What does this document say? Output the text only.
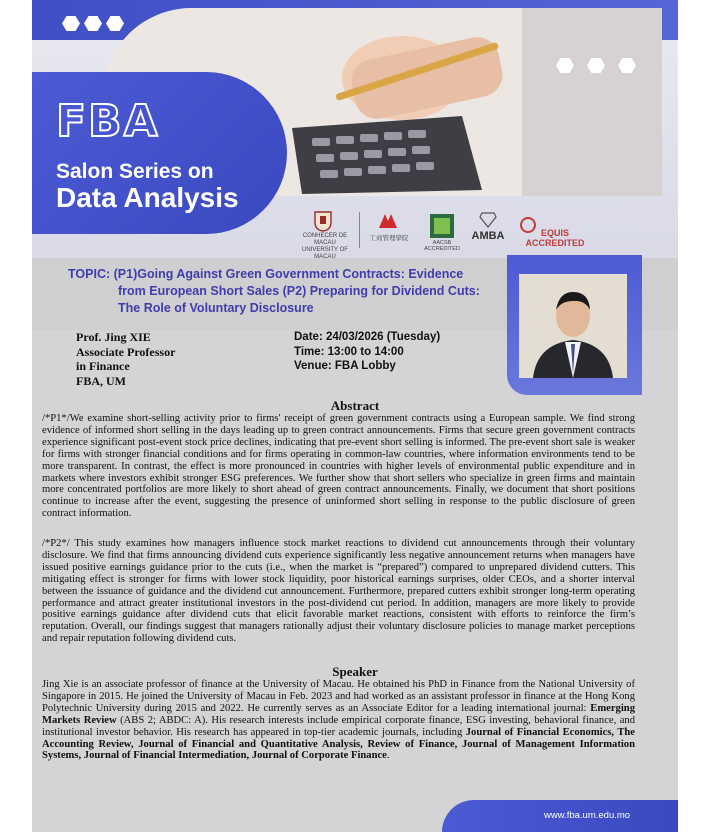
FBA
Salon Series on
Data Analysis
CONHECER DE MACAU UNIVERSITY OF MACAU
工商管理學院
AACSB ACCREDITED
AMBA	EQUIS ACCREDITED
TOPIC: (P1)Going Against Green Government Contracts: Evidence
from European Short Sales (P2) Preparing for Dividend Cuts:
The Role of Voluntary Disclosure
Prof. Jing XIE
Associate Professor
in Finance
FBA, UM
Date: 24/03/2026 (Tuesday)
Time: 13:00 to 14:00
Venue: FBA Lobby
Abstract

/*P1*/We examine short-selling activity prior to firms' receipt of green government contracts using a European sample. We find strong evidence of informed short selling in the days leading up to green contract announcements. Firms that secure green government contracts experience significant post-event stock price declines, indicating that pre-event short selling is informed. The pre-event short sale is weaker for firms with stronger financial conditions and for firms operating in common-law countries, where information environments tend to be more transparent. In contrast, the effect is more pronounced in countries with higher levels of environmental public expenditure and in markets where investors exhibit stronger ESG preferences. We further show that short sellers who specialize in green firms and maintain more concentrated portfolios are more likely to short ahead of green contract announcements. Finally, we document that short positions continue to increase after the event, suggesting the presence of uninformed short selling in response to the public disclosure of green contract information.

/*P2*/ This study examines how managers influence stock market reactions to dividend cut announcements through their voluntary disclosure. We find that firms announcing dividend cuts experience significantly less negative announcement returns when managers have issued positive earnings guidance prior to the cuts (i.e., when the market is “prepared”) compared to unprepared dividend cutters. This mitigating effect is stronger for firms with lower stock liquidity, poor historical earnings surprises, older CEOs, and a shorter interval between the issuance of guidance and the dividend cut announcement. Furthermore, prepared cutters exhibit stronger long-term operating performance and attract greater institutional investors in the post-dividend cut period. In addition, managers are more likely to provide positive earnings guidance after dividend cuts that elicit favorable market reactions, consistent with efforts to reinforce the firm’s reputation. Overall, our findings suggest that managers rationally adjust their voluntary disclosure policies to manage market perceptions and repair reputation following dividend cuts.

Speaker

Jing Xie is an associate professor of finance at the University of Macau. He obtained his PhD in Finance from the National University of Singapore in 2015. He joined the University of Macau in Feb. 2023 and had worked as an assistant professor in finance at the Hong Kong Polytechnic University during 2015 and 2022. He currently serves as an Associate Editor for a leading international journal: Emerging Markets Review (ABS 2; ABDC: A). His research interests include empirical corporate finance, ESG investing, behavioral finance, and institutional investor behavior. His research has appeared in top-tier academic journals, including Journal of Financial Economics, The Accounting Review, Journal of Financial and Quantitative Analysis, Review of Finance, Journal of Management Information Systems, Journal of Financial Intermediation, Journal of Corporate Finance.

www.fba.um.edu.mo
